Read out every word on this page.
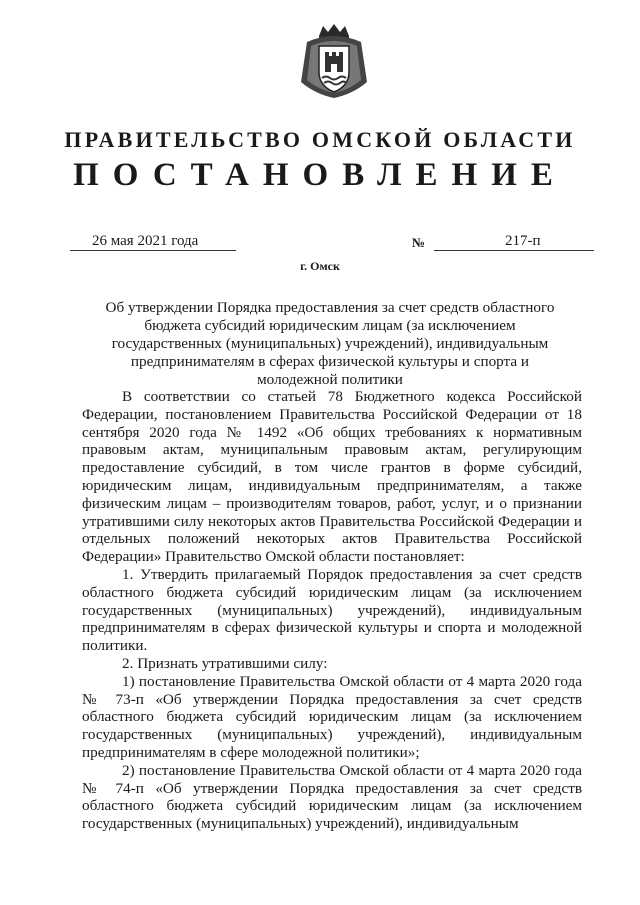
ПРАВИТЕЛЬСТВО ОМСКОЙ ОБЛАСТИ
ПОСТАНОВЛЕНИЕ
26 мая 2021 года	№	217-п
г. Омск
Об утверждении Порядка предоставления за счет средств областного бюджета субсидий юридическим лицам (за исключением государственных (муниципальных) учреждений), индивидуальным предпринимателям в сферах физической культуры и спорта и молодежной политики

В соответствии со статьей 78 Бюджетного кодекса Российской Федерации, постановлением Правительства Российской Федерации от 18 сентября 2020 года № 1492 «Об общих требованиях к нормативным правовым актам, муниципальным правовым актам, регулирующим предоставление субсидий, в том числе грантов в форме субсидий, юридическим лицам, индивидуальным предпринимателям, а также физическим лицам – производителям товаров, работ, услуг, и о признании утратившими силу некоторых актов Правительства Российской Федерации и отдельных положений некоторых актов Правительства Российской Федерации» Правительство Омской области постановляет:

1. Утвердить прилагаемый Порядок предоставления за счет средств областного бюджета субсидий юридическим лицам (за исключением государственных (муниципальных) учреждений), индивидуальным предпринимателям в сферах физической культуры и спорта и молодежной политики.

2. Признать утратившими силу:

1) постановление Правительства Омской области от 4 марта 2020 года № 73-п «Об утверждении Порядка предоставления за счет средств областного бюджета субсидий юридическим лицам (за исключением государственных (муниципальных) учреждений), индивидуальным предпринимателям в сфере молодежной политики»;

2) постановление Правительства Омской области от 4 марта 2020 года № 74-п «Об утверждении Порядка предоставления за счет средств областного бюджета субсидий юридическим лицам (за исключением государственных (муниципальных) учреждений), индивидуальным
